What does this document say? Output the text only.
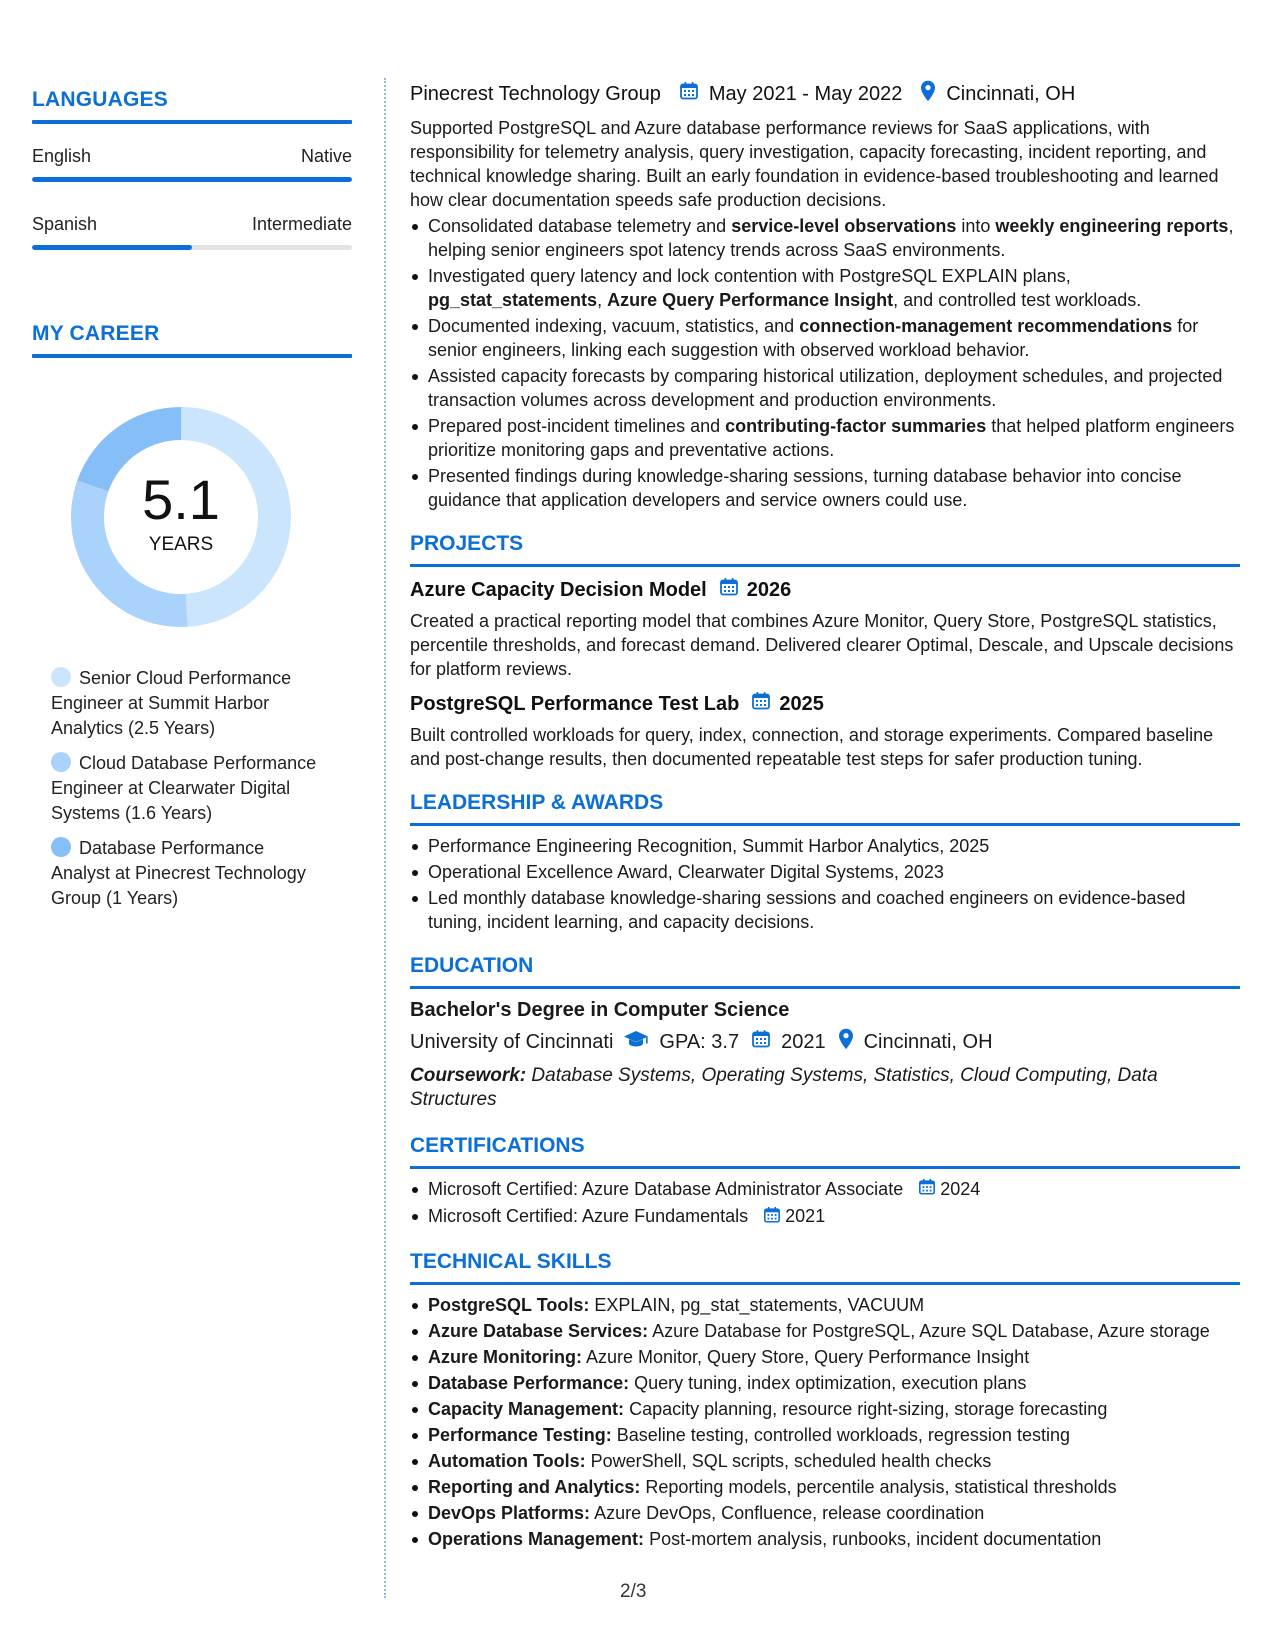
LANGUAGES
English	Native
Spanish	Intermediate
MY CAREER
5.1
YEARS
Senior Cloud Performance Engineer at Summit Harbor Analytics (2.5 Years)
Cloud Database Performance Engineer at Clearwater Digital Systems (1.6 Years)
Database Performance Analyst at Pinecrest Technology Group (1 Years)
Pinecrest Technology Group May 2021 - May 2022 Cincinnati, OH
Supported PostgreSQL and Azure database performance reviews for SaaS applications, with responsibility for telemetry analysis, query investigation, capacity forecasting, incident reporting, and technical knowledge sharing. Built an early foundation in evidence-based troubleshooting and learned how clear documentation speeds safe production decisions.
Consolidated database telemetry and service-level observations into weekly engineering reports, helping senior engineers spot latency trends across SaaS environments.
Investigated query latency and lock contention with PostgreSQL EXPLAIN plans, pg_stat_statements, Azure Query Performance Insight, and controlled test workloads.
Documented indexing, vacuum, statistics, and connection-management recommendations for senior engineers, linking each suggestion with observed workload behavior.
Assisted capacity forecasts by comparing historical utilization, deployment schedules, and projected transaction volumes across development and production environments.
Prepared post-incident timelines and contributing-factor summaries that helped platform engineers prioritize monitoring gaps and preventative actions.
Presented findings during knowledge-sharing sessions, turning database behavior into concise guidance that application developers and service owners could use.
PROJECTS
Azure Capacity Decision Model 2026
Created a practical reporting model that combines Azure Monitor, Query Store, PostgreSQL statistics, percentile thresholds, and forecast demand. Delivered clearer Optimal, Descale, and Upscale decisions for platform reviews.
PostgreSQL Performance Test Lab 2025
Built controlled workloads for query, index, connection, and storage experiments. Compared baseline and post-change results, then documented repeatable test steps for safer production tuning.
LEADERSHIP & AWARDS
Performance Engineering Recognition, Summit Harbor Analytics, 2025
Operational Excellence Award, Clearwater Digital Systems, 2023
Led monthly database knowledge-sharing sessions and coached engineers on evidence-based tuning, incident learning, and capacity decisions.
EDUCATION
Bachelor's Degree in Computer Science
University of Cincinnati GPA: 3.7 2021 Cincinnati, OH
Coursework: Database Systems, Operating Systems, Statistics, Cloud Computing, Data Structures
CERTIFICATIONS
Microsoft Certified: Azure Database Administrator Associate 2024
Microsoft Certified: Azure Fundamentals 2021
TECHNICAL SKILLS
PostgreSQL Tools: EXPLAIN, pg_stat_statements, VACUUM
Azure Database Services: Azure Database for PostgreSQL, Azure SQL Database, Azure storage
Azure Monitoring: Azure Monitor, Query Store, Query Performance Insight
Database Performance: Query tuning, index optimization, execution plans
Capacity Management: Capacity planning, resource right-sizing, storage forecasting
Performance Testing: Baseline testing, controlled workloads, regression testing
Automation Tools: PowerShell, SQL scripts, scheduled health checks
Reporting and Analytics: Reporting models, percentile analysis, statistical thresholds
DevOps Platforms: Azure DevOps, Confluence, release coordination
Operations Management: Post-mortem analysis, runbooks, incident documentation
2/3
